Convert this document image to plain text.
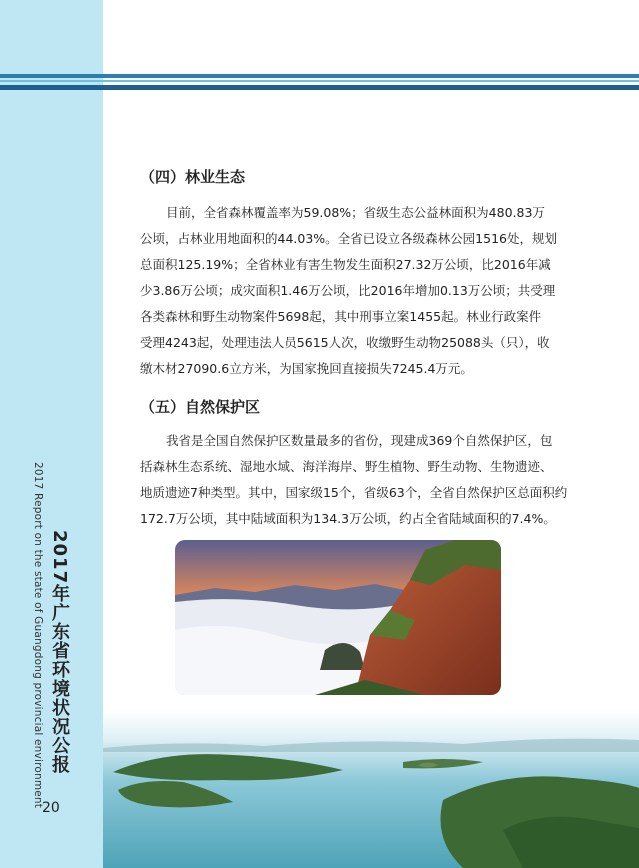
2017 Report on the state of Guangdong provincial environment 2017年广东省环境状况公报
20
（四）林业生态

目前，全省森林覆盖率为59.08%；省级生态公益林面积为480.83万

公顷，占林业用地面积的44.03%。全省已设立各级森林公园1516处，规划

总面积125.19%；全省林业有害生物发生面积27.32万公顷，比2016年减

少3.86万公顷；成灾面积1.46万公顷，比2016年增加0.13万公顷；共受理

各类森林和野生动物案件5698起，其中刑事立案1455起。林业行政案件

受理4243起，处理违法人员5615人次，收缴野生动物25088头（只），收

缴木材27090.6立方米，为国家挽回直接损失7245.4万元。

（五）自然保护区

我省是全国自然保护区数量最多的省份，现建成369个自然保护区，包

括森林生态系统、湿地水域、海洋海岸、野生植物、野生动物、生物遗迹、

地质遗迹7种类型。其中，国家级15个，省级63个，全省自然保护区总面积约

172.7万公顷，其中陆域面积为134.3万公顷，约占全省陆域面积的7.4%。
